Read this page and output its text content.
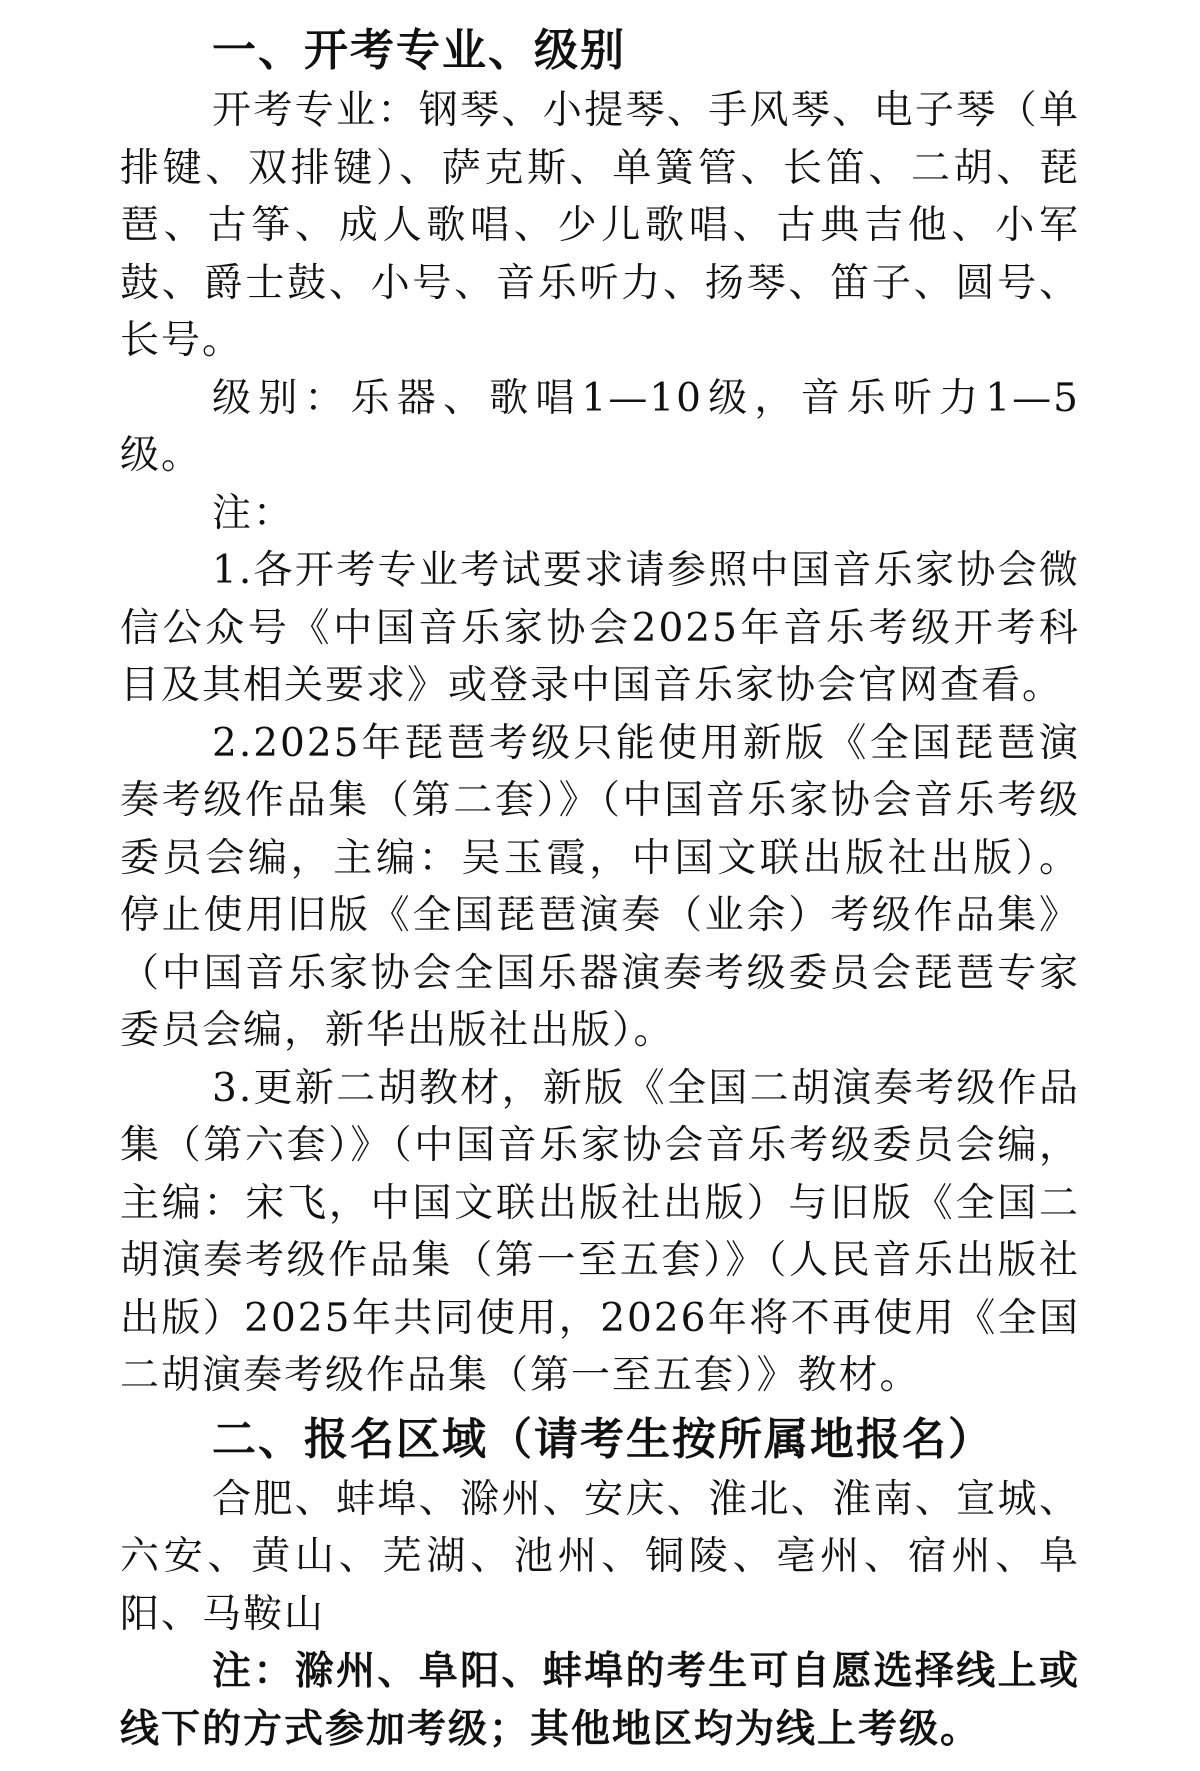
一、开考专业、级别

开考专业：钢琴、小提琴、手风琴、电子琴（单排键、双排键）、萨克斯、单簧管、长笛、二胡、琵琶、古筝、成人歌唱、少儿歌唱、古典吉他、小军鼓、爵士鼓、小号、音乐听力、扬琴、笛子、圆号、长号。

级别：乐器、歌唱1—10级，音乐听力1—5级。

注：

1.各开考专业考试要求请参照中国音乐家协会微信公众号《中国音乐家协会2025年音乐考级开考科目及其相关要求》或登录中国音乐家协会官网查看。

2.2025年琵琶考级只能使用新版《全国琵琶演奏考级作品集（第二套）》（中国音乐家协会音乐考级委员会编，主编：吴玉霞，中国文联出版社出版）。停止使用旧版《全国琵琶演奏（业余）考级作品集》（中国音乐家协会全国乐器演奏考级委员会琵琶专家委员会编，新华出版社出版）。

3.更新二胡教材，新版《全国二胡演奏考级作品集（第六套）》（中国音乐家协会音乐考级委员会编，主编：宋飞，中国文联出版社出版）与旧版《全国二胡演奏考级作品集（第一至五套）》（人民音乐出版社出版）2025年共同使用，2026年将不再使用《全国二胡演奏考级作品集（第一至五套）》教材。

二、报名区域（请考生按所属地报名）

合肥、蚌埠、滁州、安庆、淮北、淮南、宣城、六安、黄山、芜湖、池州、铜陵、亳州、宿州、阜阳、马鞍山

注：滁州、阜阳、蚌埠的考生可自愿选择线上或线下的方式参加考级；其他地区均为线上考级。
